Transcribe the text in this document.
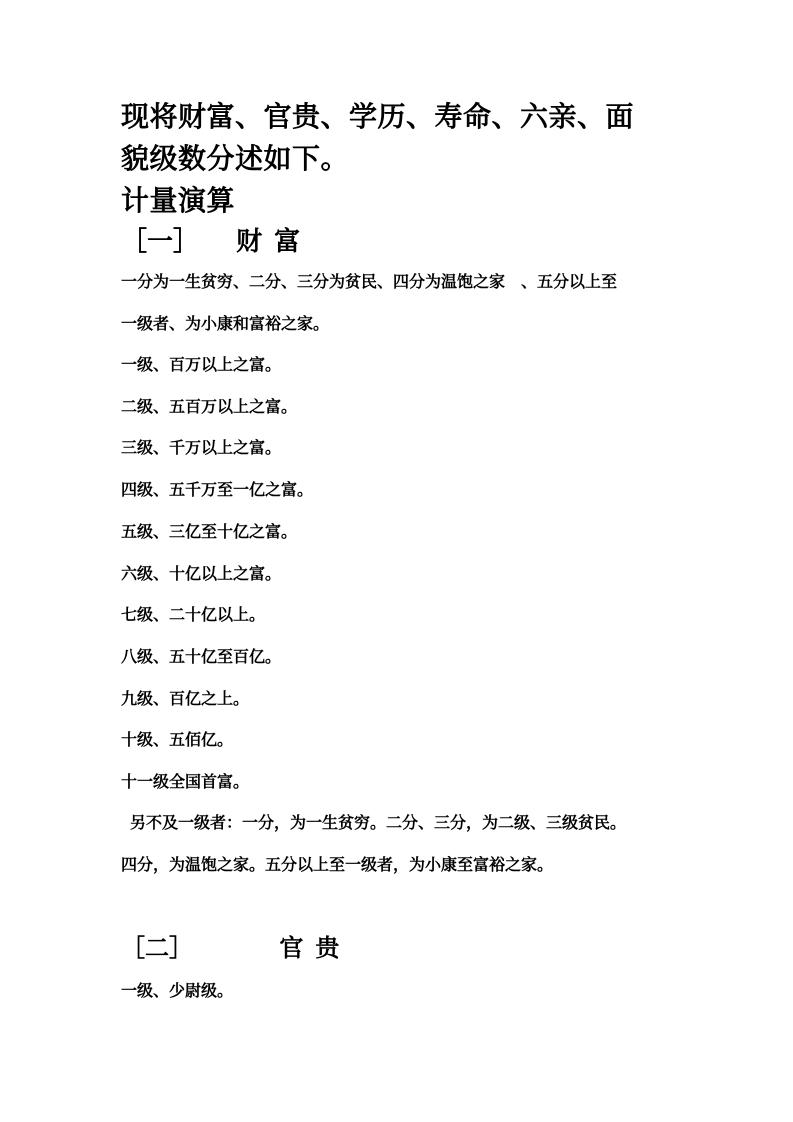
现将财富、官贵、学历、寿命、六亲、面
貌级数分述如下。
计量演算
［一］ 财富
一分为一生贫穷、二分、三分为贫民、四分为温饱之家　、五分以上至
一级者、为小康和富裕之家。
一级、百万以上之富。
二级、五百万以上之富。
三级、千万以上之富。
四级、五千万至一亿之富。
五级、三亿至十亿之富。
六级、十亿以上之富。
七级、二十亿以上。
八级、五十亿至百亿。
九级、百亿之上。
十级、五佰亿。
十一级全国首富。
另不及一级者：一分，为一生贫穷。二分、三分，为二级、三级贫民。
四分，为温饱之家。五分以上至一级者，为小康至富裕之家。
［二］	官贵
一级、少尉级。
